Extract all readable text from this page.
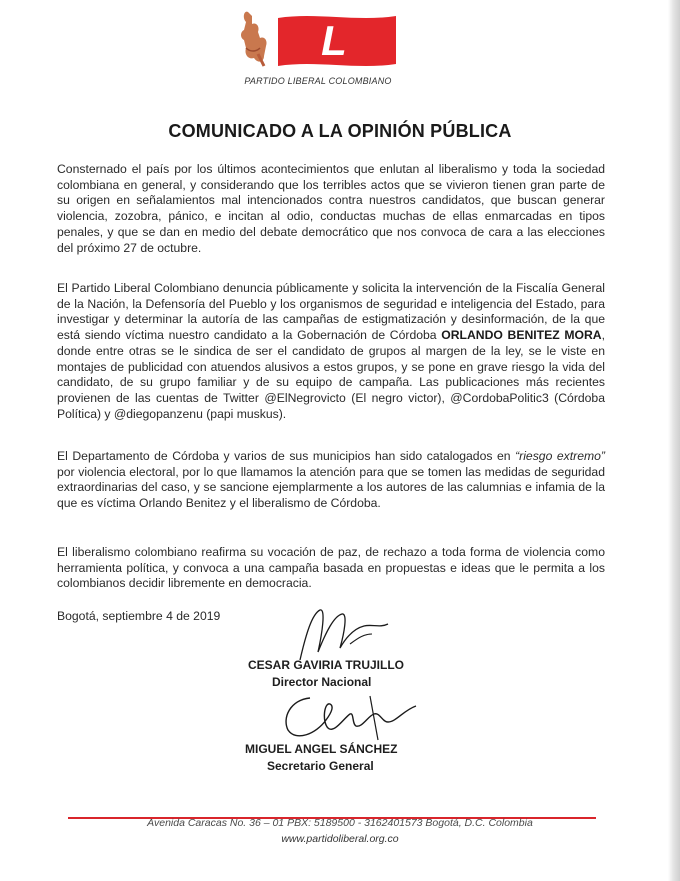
L
PARTIDO LIBERAL COLOMBIANO
COMUNICADO A LA OPINIÓN PÚBLICA
Consternado el país por los últimos acontecimientos que enlutan al liberalismo y toda la sociedad colombiana en general, y considerando que los terribles actos que se vivieron tienen gran parte de su origen en señalamientos mal intencionados contra nuestros candidatos, que buscan generar violencia, zozobra, pánico, e incitan al odio, conductas muchas de ellas enmarcadas en tipos penales, y que se dan en medio del debate democrático que nos convoca de cara a las elecciones del próximo 27 de octubre.
El Partido Liberal Colombiano denuncia públicamente y solicita la intervención de la Fiscalía General de la Nación, la Defensoría del Pueblo y los organismos de seguridad e inteligencia del Estado, para investigar y determinar la autoría de las campañas de estigmatización y desinformación, de la que está siendo víctima nuestro candidato a la Gobernación de Córdoba ORLANDO BENITEZ MORA, donde entre otras se le sindica de ser el candidato de grupos al margen de la ley, se le viste en montajes de publicidad con atuendos alusivos a estos grupos, y se pone en grave riesgo la vida del candidato, de su grupo familiar y de su equipo de campaña. Las publicaciones más recientes provienen de las cuentas de Twitter @ElNegrovicto (El negro victor), @CordobaPolitic3 (Córdoba Política) y @diegopanzenu (papi muskus).
El Departamento de Córdoba y varios de sus municipios han sido catalogados en “riesgo extremo” por violencia electoral, por lo que llamamos la atención para que se tomen las medidas de seguridad extraordinarias del caso, y se sancione ejemplarmente a los autores de las calumnias e infamia de la que es víctima Orlando Benitez y el liberalismo de Córdoba.
El liberalismo colombiano reafirma su vocación de paz, de rechazo a toda forma de violencia como herramienta política, y convoca a una campaña basada en propuestas e ideas que le permita a los colombianos decidir libremente en democracia.
Bogotá, septiembre 4 de 2019
CESAR GAVIRIA TRUJILLO
Director Nacional
MIGUEL ANGEL SÁNCHEZ
Secretario General
Avenida Caracas No. 36 – 01 PBX: 5189500 - 3162401573 Bogotá, D.C. Colombia
www.partidoliberal.org.co
